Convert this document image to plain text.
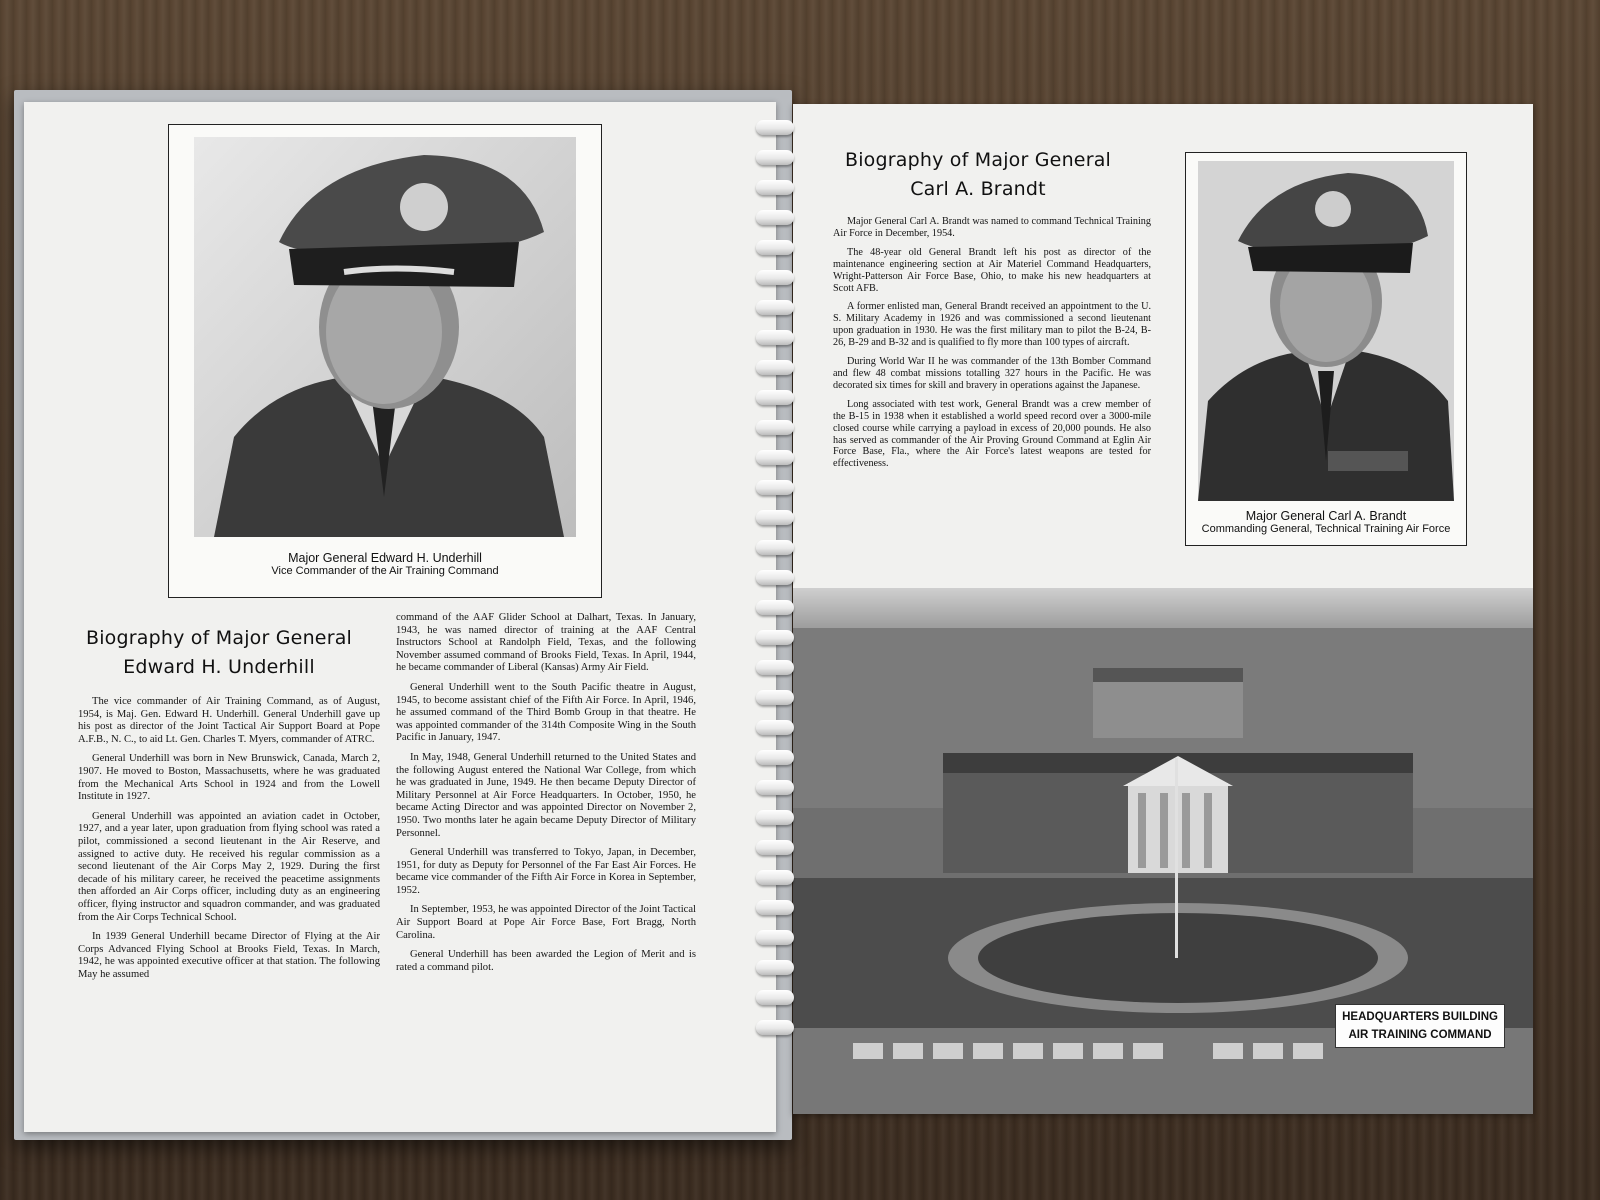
Major General Edward H. Underhill
Vice Commander of the Air Training Command
Biography of Major General
Edward H. Underhill

The vice commander of Air Training Command, as of August, 1954, is Maj. Gen. Edward H. Underhill. General Underhill gave up his post as director of the Joint Tactical Air Support Board at Pope A.F.B., N. C., to aid Lt. Gen. Charles T. Myers, commander of ATRC.

General Underhill was born in New Brunswick, Canada, March 2, 1907. He moved to Boston, Massachusetts, where he was graduated from the Mechanical Arts School in 1924 and from the Lowell Institute in 1927.

General Underhill was appointed an aviation cadet in October, 1927, and a year later, upon graduation from flying school was rated a pilot, commissioned a second lieutenant in the Air Reserve, and assigned to active duty. He received his regular commission as a second lieutenant of the Air Corps May 2, 1929. During the first decade of his military career, he received the peacetime assignments then afforded an Air Corps officer, including duty as an engineering officer, flying instructor and squadron commander, and was graduated from the Air Corps Technical School.

In 1939 General Underhill became Director of Flying at the Air Corps Advanced Flying School at Brooks Field, Texas. In March, 1942, he was appointed executive officer at that station. The following May he assumed

command of the AAF Glider School at Dalhart, Texas. In January, 1943, he was named director of training at the AAF Central Instructors School at Randolph Field, Texas, and the following November assumed command of Brooks Field, Texas. In April, 1944, he became commander of Liberal (Kansas) Army Air Field.

General Underhill went to the South Pacific theatre in August, 1945, to become assistant chief of the Fifth Air Force. In April, 1946, he assumed command of the Third Bomb Group in that theatre. He was appointed commander of the 314th Composite Wing in the South Pacific in January, 1947.

In May, 1948, General Underhill returned to the United States and the following August entered the National War College, from which he was graduated in June, 1949. He then became Deputy Director of Military Personnel at Air Force Headquarters. In October, 1950, he became Acting Director and was appointed Director on November 2, 1950. Two months later he again became Deputy Director of Military Personnel.

General Underhill was transferred to Tokyo, Japan, in December, 1951, for duty as Deputy for Personnel of the Far East Air Forces. He became vice commander of the Fifth Air Force in Korea in September, 1952.

In September, 1953, he was appointed Director of the Joint Tactical Air Support Board at Pope Air Force Base, Fort Bragg, North Carolina.

General Underhill has been awarded the Legion of Merit and is rated a command pilot.

Biography of Major General
Carl A. Brandt

Major General Carl A. Brandt was named to command Technical Training Air Force in December, 1954.

The 48-year old General Brandt left his post as director of the maintenance engineering section at Air Materiel Command Headquarters, Wright-Patterson Air Force Base, Ohio, to make his new headquarters at Scott AFB.

A former enlisted man, General Brandt received an appointment to the U. S. Military Academy in 1926 and was commissioned a second lieutenant upon graduation in 1930. He was the first military man to pilot the B-24, B-26, B-29 and B-32 and is qualified to fly more than 100 types of aircraft.

During World War II he was commander of the 13th Bomber Command and flew 48 combat missions totalling 327 hours in the Pacific. He was decorated six times for skill and bravery in operations against the Japanese.

Long associated with test work, General Brandt was a crew member of the B-15 in 1938 when it established a world speed record over a 3000-mile closed course while carrying a payload in excess of 20,000 pounds. He also has served as commander of the Air Proving Ground Command at Eglin Air Force Base, Fla., where the Air Force's latest weapons are tested for effectiveness.

Major General Carl A. Brandt
Commanding General, Technical Training Air Force
HEADQUARTERS BUILDING
AIR TRAINING COMMAND
